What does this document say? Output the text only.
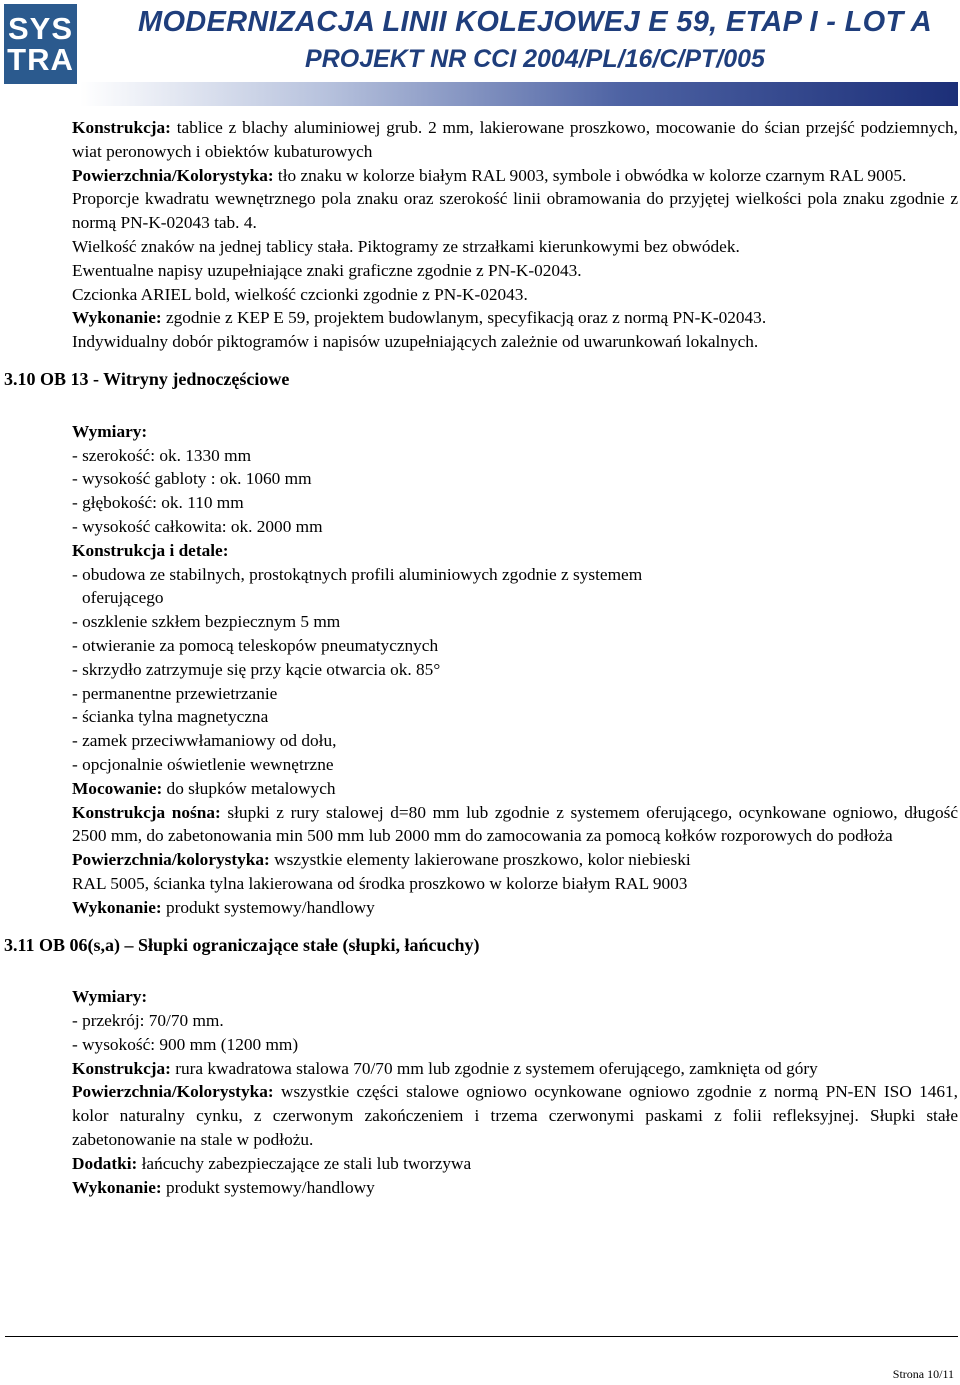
SYS
TRA
MODERNIZACJA LINII KOLEJOWEJ E 59, ETAP I - LOT A
PROJEKT NR CCI 2004/PL/16/C/PT/005

Konstrukcja: tablice z blachy aluminiowej grub. 2 mm, lakierowane proszkowo, mocowanie do ścian przejść podziemnych, wiat peronowych i obiektów kubaturowych

Powierzchnia/Kolorystyka: tło znaku w kolorze białym RAL 9003, symbole i obwódka w kolorze czarnym RAL 9005.

Proporcje kwadratu wewnętrznego pola znaku oraz szerokość linii obramowania do przyjętej wielkości pola znaku zgodnie z normą PN-K-02043 tab. 4.

Wielkość znaków na jednej tablicy stała. Piktogramy ze strzałkami kierunkowymi bez obwódek.

Ewentualne napisy uzupełniające znaki graficzne zgodnie z PN-K-02043.

Czcionka ARIEL bold, wielkość czcionki zgodnie z PN-K-02043.

Wykonanie: zgodnie z KEP E 59, projektem budowlanym, specyfikacją oraz z normą PN-K-02043.

Indywidualny dobór piktogramów i napisów uzupełniających zależnie od uwarunkowań lokalnych.

3.10 OB 13 - Witryny jednoczęściowe

Wymiary:

- szerokość: ok. 1330 mm

- wysokość gabloty : ok. 1060 mm

- głębokość: ok. 110 mm

- wysokość całkowita: ok. 2000 mm

Konstrukcja i detale:

- obudowa ze stabilnych, prostokątnych profili aluminiowych zgodnie z systemem

oferującego

- oszklenie szkłem bezpiecznym 5 mm

- otwieranie za pomocą teleskopów pneumatycznych

- skrzydło zatrzymuje się przy kącie otwarcia ok. 85°

- permanentne przewietrzanie

- ścianka tylna magnetyczna

- zamek przeciwwłamaniowy od dołu,

- opcjonalnie oświetlenie wewnętrzne

Mocowanie: do słupków metalowych

Konstrukcja nośna: słupki z rury stalowej d=80 mm lub zgodnie z systemem oferującego, ocynkowane ogniowo, długość 2500 mm, do zabetonowania min 500 mm lub 2000 mm do zamocowania za pomocą kołków rozporowych do podłoża

Powierzchnia/kolorystyka: wszystkie elementy lakierowane proszkowo, kolor niebieski

RAL 5005, ścianka tylna lakierowana od środka proszkowo w kolorze białym RAL 9003

Wykonanie: produkt systemowy/handlowy

3.11 OB 06(s,a) – Słupki ograniczające stałe (słupki, łańcuchy)

Wymiary:

- przekrój: 70/70 mm.

- wysokość: 900 mm (1200 mm)

Konstrukcja: rura kwadratowa stalowa 70/70 mm lub zgodnie z systemem oferującego, zamknięta od góry

Powierzchnia/Kolorystyka: wszystkie części stalowe ogniowo ocynkowane ogniowo zgodnie z normą PN-EN ISO 1461, kolor naturalny cynku, z czerwonym zakończeniem i trzema czerwonymi paskami z folii refleksyjnej. Słupki stałe zabetonowanie na stale w podłożu.

Dodatki: łańcuchy zabezpieczające ze stali lub tworzywa

Wykonanie: produkt systemowy/handlowy

Strona 10/11
